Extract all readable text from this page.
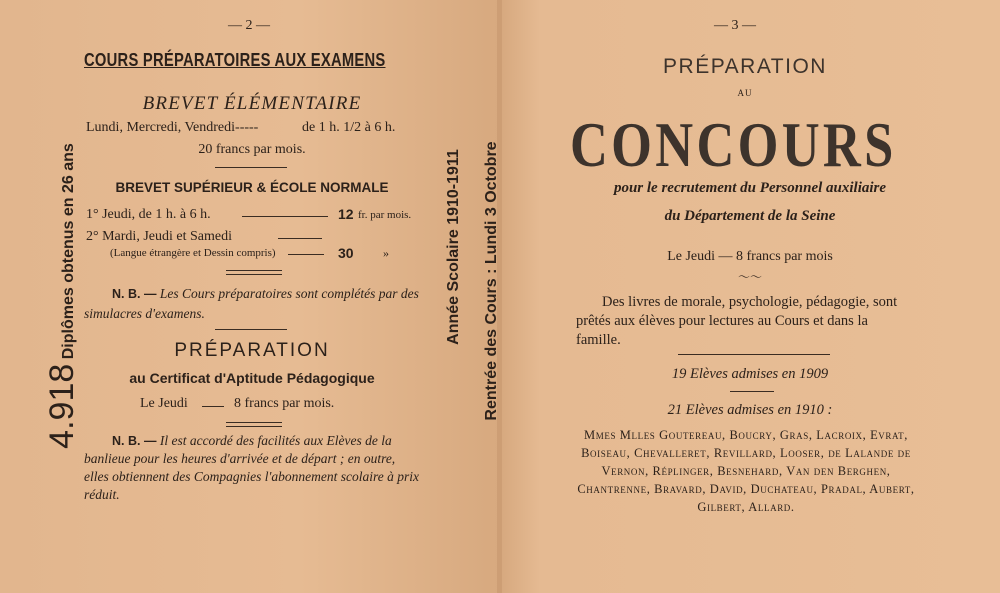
— 2 —
COURS PRÉPARATOIRES AUX EXAMENS
BREVET ÉLÉMENTAIRE
Lundi, Mercredi, Vendredi-----	de 1 h. 1/2 à 6 h.
20 francs par mois.
BREVET SUPÉRIEUR & ÉCOLE NORMALE
1° Jeudi, de 1 h. à 6 h.	12 fr. par mois.
2° Mardi, Jeudi et Samedi
(Langue étrangère et Dessin compris)	30 »
N. B. — Les Cours préparatoires sont complétés par des simulacres d'examens.
PRÉPARATION
au Certificat d'Aptitude Pédagogique
Le Jeudi	8 francs par mois.
N. B. — Il est accordé des facilités aux Elèves de la banlieue pour les heures d'arrivée et de départ ; en outre, elles obtiennent des Compagnies l'abonnement scolaire à prix réduit.
4.918 Diplômes obtenus en 26 ans	Année Scolaire 1910-1911	Rentrée des Cours : Lundi 3 Octobre
— 3 —
PRÉPARATION
AU
CONCOURS
pour le recrutement du Personnel auxiliaire
du Département de la Seine
Le Jeudi — 8 francs par mois
〜〜
Des livres de morale, psychologie, pédagogie, sont prêtés aux élèves pour lectures au Cours et dans la famille.
19 Elèves admises en 1909
21 Elèves admises en 1910 :
Mmes Mlles Goutereau, Boucry, Gras, Lacroix, Evrat, Boiseau, Chevalleret, Revillard, Looser, de Lalande de Vernon, Réplinger, Besnehard, Van den Berghen, Chantrenne, Bravard, David, Duchateau, Pradal, Aubert, Gilbert, Allard.
